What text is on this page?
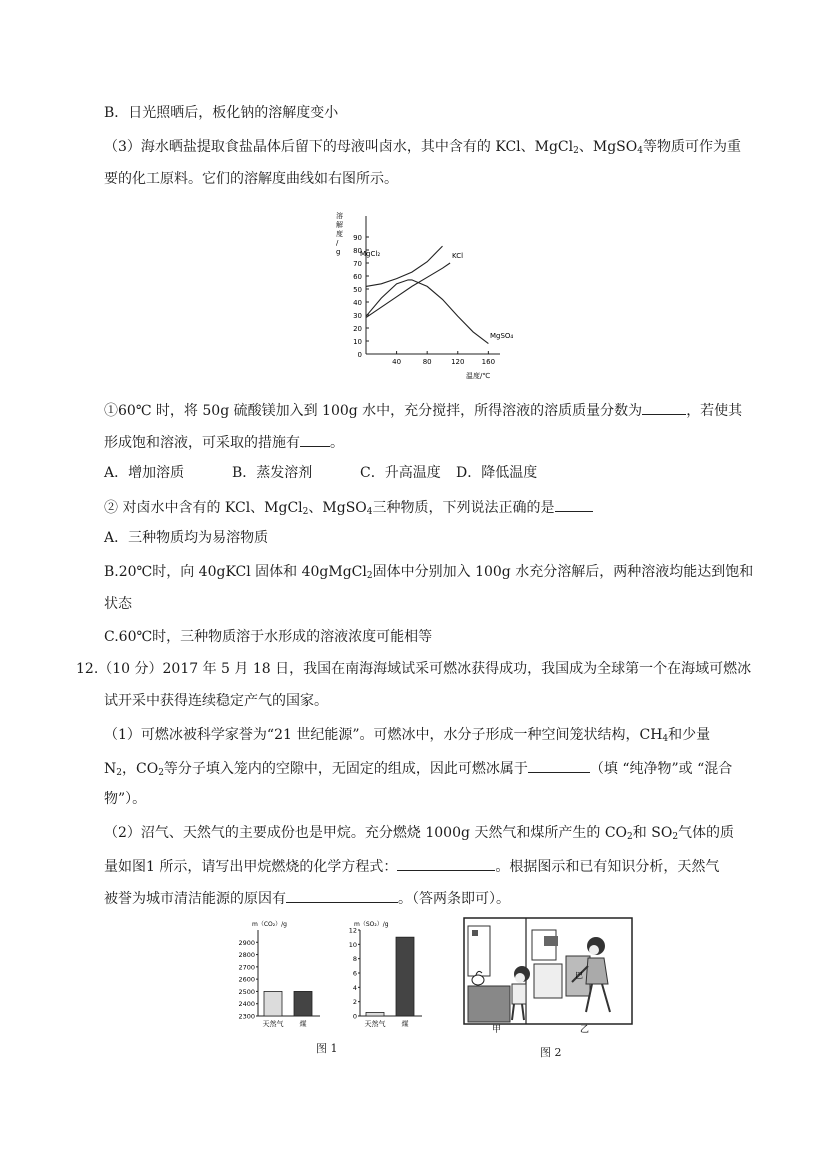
B．日光照晒后，板化钠的溶解度变小
（3）海水晒盐提取食盐晶体后留下的母液叫卤水，其中含有的 KCl、MgCl$_2$、MgSO$_4$等物质可作为重
要的化工原料。它们的溶解度曲线如右图所示。
0
10
20
30
40
50
60
70
80
90
40	80	120 160
溶
解
度
/
g
温度/℃
MgCl₂	KCl
MgSO₄
①60℃ 时，将 50g 硫酸镁加入到 100g 水中，充分搅拌，所得溶液的溶质质量分数为	，若使其
形成饱和溶液，可采取的措施有 。
A．增加溶质	B．蒸发溶剂	C．升高温度 D．降低温度
② 对卤水中含有的 KCl、MgCl$_2$、MgSO$_4$三种物质，下列说法正确的是
A．三种物质均为易溶物质
B.20℃时，向 40gKCl 固体和 40gMgCl$_2$固体中分别加入 100g 水充分溶解后，两种溶液均能达到饱和
状态
C.60℃时，三种物质溶于水形成的溶液浓度可能相等
12.（10 分）2017 年 5 月 18 日，我国在南海海域试采可燃冰获得成功，我国成为全球第一个在海域可燃冰
试开采中获得连续稳定产气的国家。
（1）可燃冰被科学家誉为“21 世纪能源”。可燃冰中，水分子形成一种空间笼状结构，$CH_4$和少量
$N_2$，$CO_2$等分子填入笼内的空隙中，无固定的组成，因此可燃冰属于	（填 “纯净物”或 “混合
物”）。
（2）沼气、天然气的主要成份也是甲烷。充分燃烧 1000g 天然气和煤所产生的 $CO_2$和 $SO_2$气体的质
量如图1 所示，请写出甲烷燃烧的化学方程式：	。根据图示和已有知识分析，天然气
被誉为城市清洁能源的原因有	。（答两条即可）。
m（CO₂）/g
2300
2400
2500
2600
2700
2800
2900
天然气 煤
m（SO₂）/g
0
2
4
6
8
10
12
天然气 煤
图 1
巴
甲	乙
图 2
